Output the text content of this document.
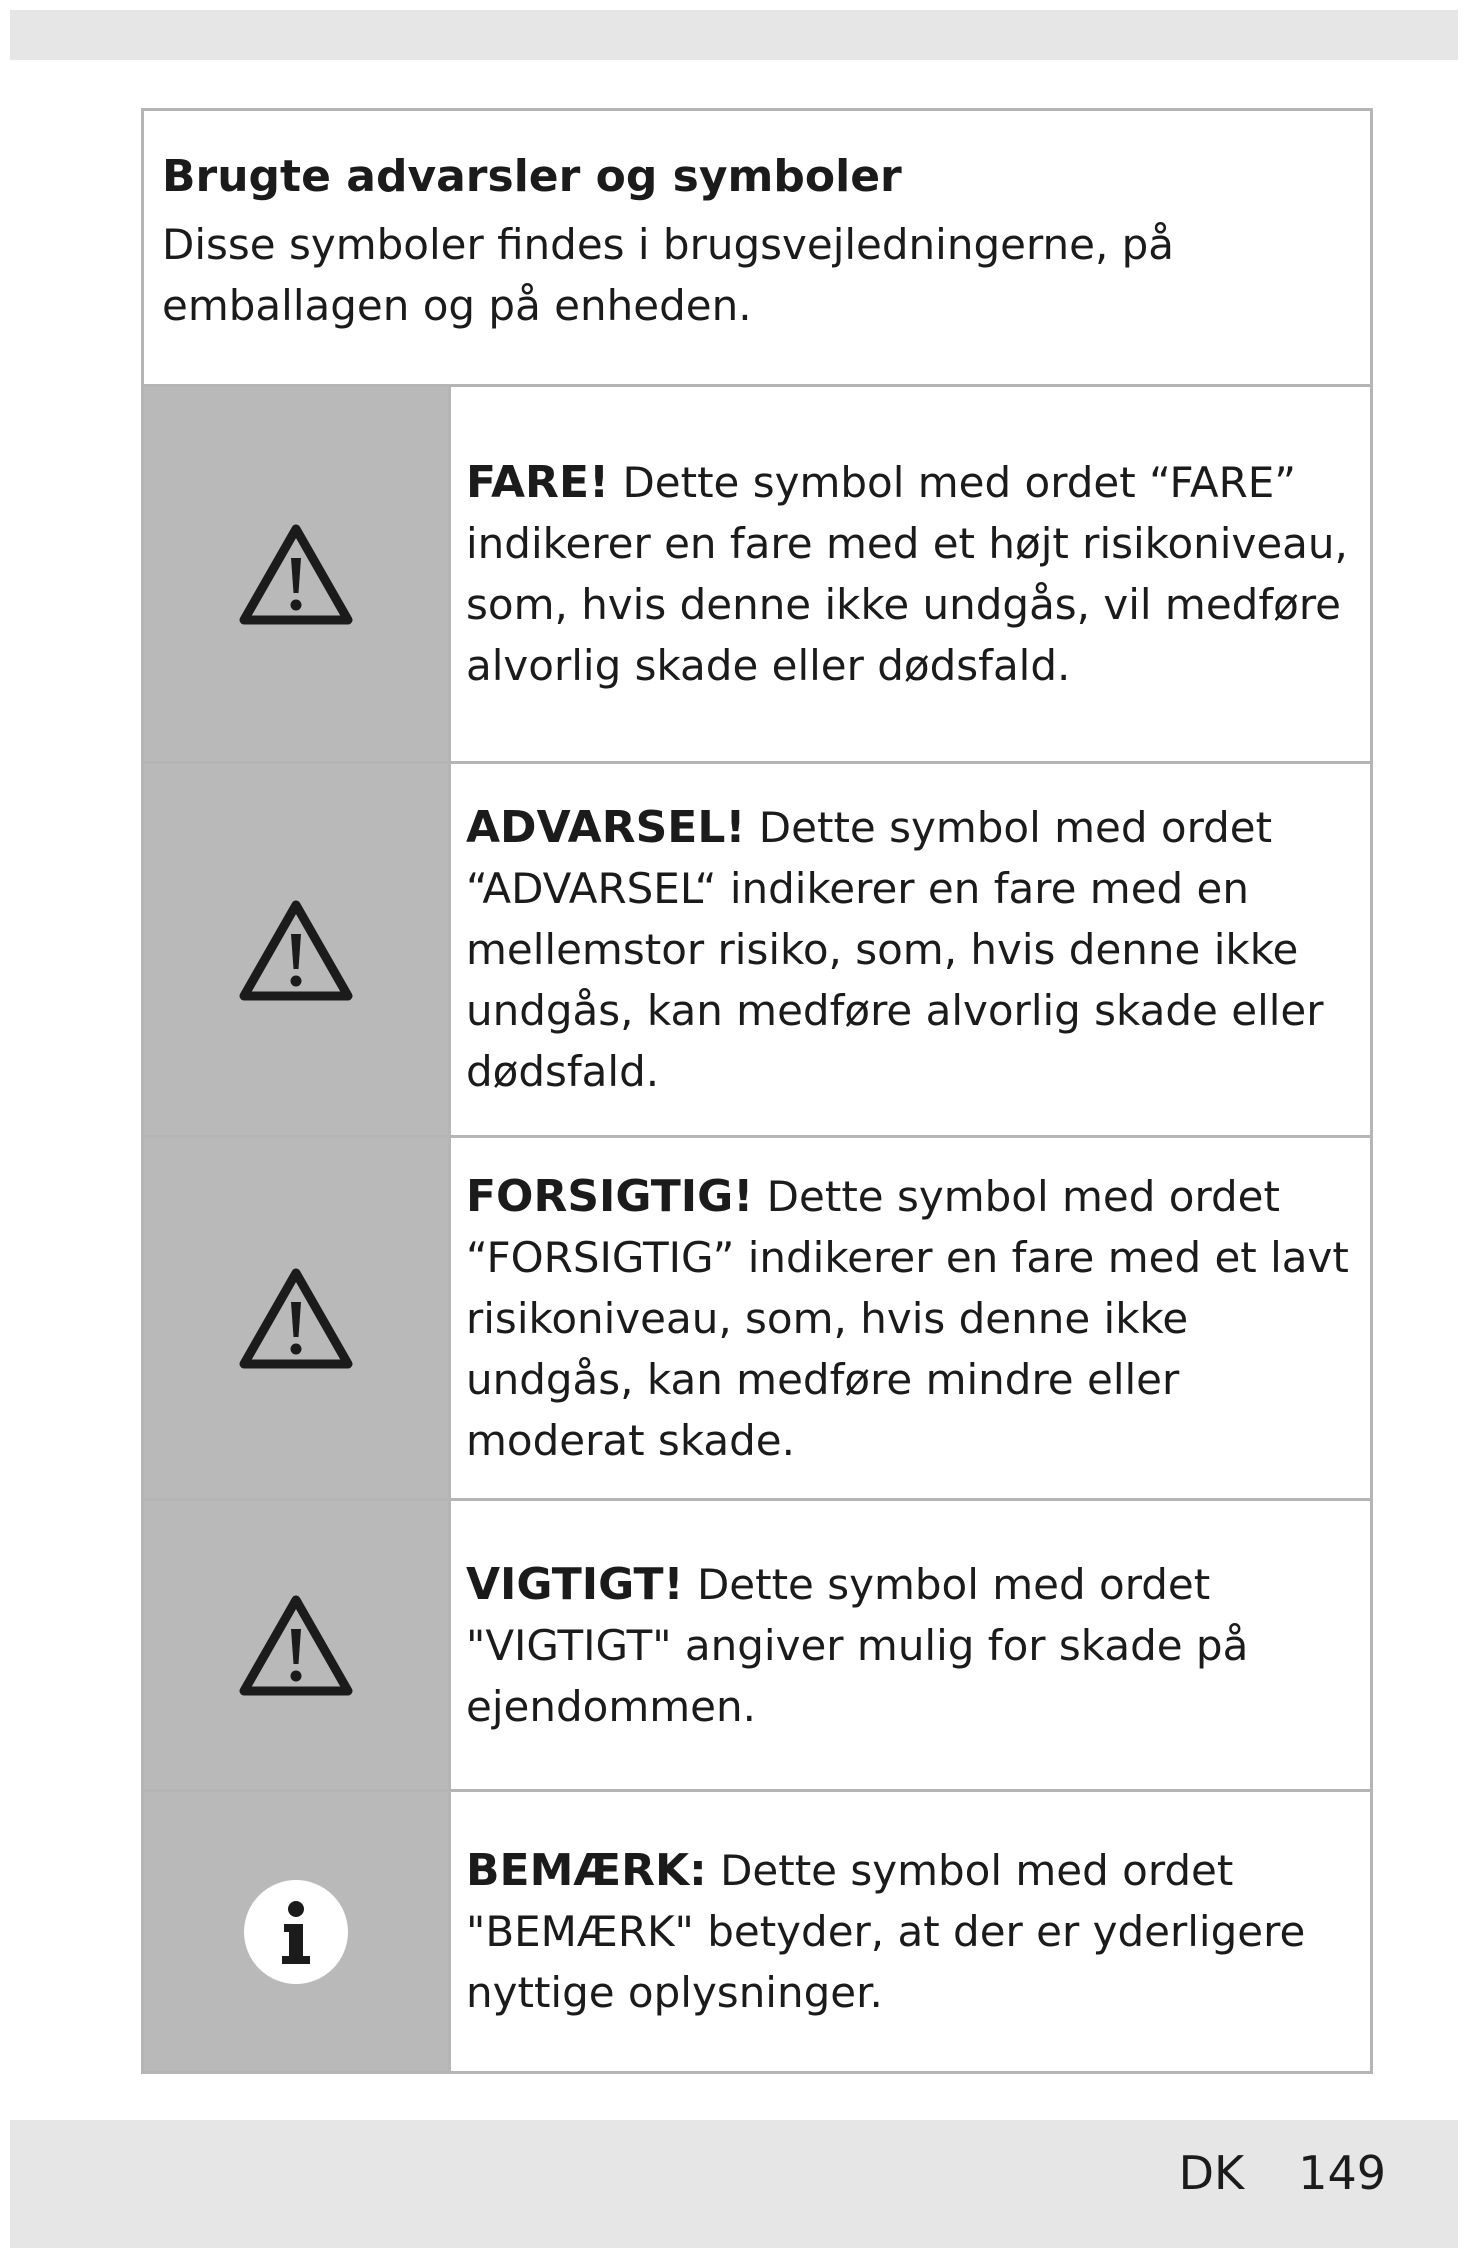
Brugte advarsler og symboler

Disse symboler findes i brugsvejledningerne, på emballagen og på enheden.

FARE! Dette symbol med ordet “FARE” indikerer en fare med et højt risikoniveau, som, hvis denne ikke undgås, vil medføre alvorlig skade eller dødsfald.

ADVARSEL! Dette symbol med ordet “ADVARSEL“ indikerer en fare med en mellemstor risiko, som, hvis denne ikke undgås, kan medføre alvorlig skade eller dødsfald.

FORSIGTIG! Dette symbol med ordet “FORSIGTIG” indikerer en fare med et lavt risikoniveau, som, hvis denne ikke undgås, kan medføre mindre eller moderat skade.

VIGTIGT! Dette symbol med ordet "VIGTIGT" angiver mulig for skade på ejendommen.

BEMÆRK: Dette symbol med ordet "BEMÆRK" betyder, at der er yderligere nyttige oplysninger.

DK 149
